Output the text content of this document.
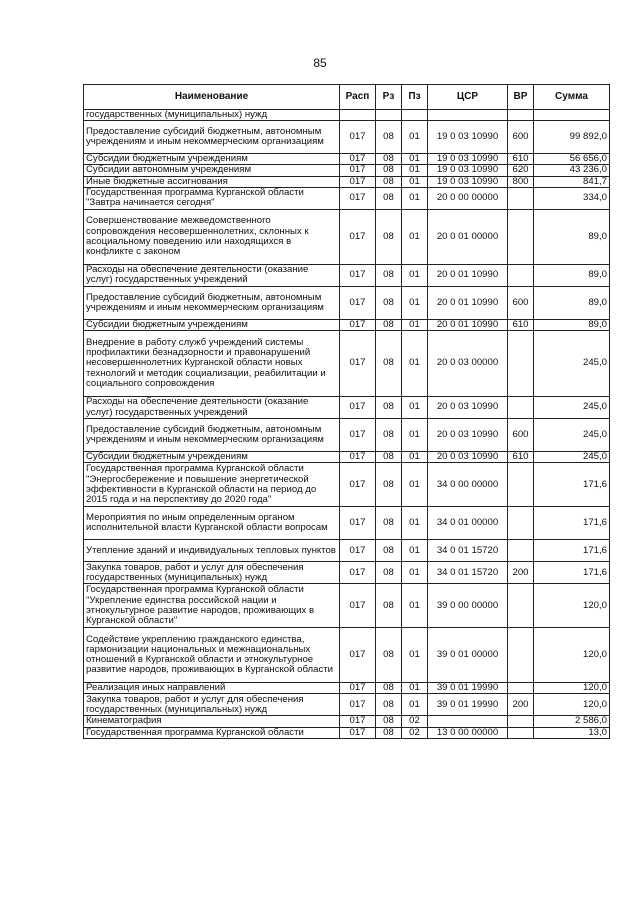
85
Наименование	Расп	Рз	Пз	ЦСР	ВР	Сумма
государственных (муниципальных) нужд						
Предоставление субсидий бюджетным, автономным учреждениям и иным некоммерческим организациям	017	08	01	19 0 03 10990	600	99 892,0
Субсидии бюджетным учреждениям	017	08	01	19 0 03 10990	610	56 656,0
Субсидии автономным учреждениям	017	08	01	19 0 03 10990	620	43 236,0
Иные бюджетные ассигнования	017	08	01	19 0 03 10990	800	841,7
Государственная программа Курганской области "Завтра начинается сегодня"	017	08	01	20 0 00 00000		334,0
Совершенствование межведомственного сопровождения несовершеннолетних, склонных к асоциальному поведению или находящихся в конфликте с законом	017	08	01	20 0 01 00000		89,0
Расходы на обеспечение деятельности (оказание услуг) государственных учреждений	017	08	01	20 0 01 10990		89,0
Предоставление субсидий бюджетным, автономным учреждениям и иным некоммерческим организациям	017	08	01	20 0 01 10990	600	89,0
Субсидии бюджетным учреждениям	017	08	01	20 0 01 10990	610	89,0
Внедрение в работу служб учреждений системы профилактики безнадзорности и правонарушений несовершеннолетних Курганской области новых технологий и методик социализации, реабилитации и социального сопровождения	017	08	01	20 0 03 00000		245,0
Расходы на обеспечение деятельности (оказание услуг) государственных учреждений	017	08	01	20 0 03 10990		245,0
Предоставление субсидий бюджетным, автономным учреждениям и иным некоммерческим организациям	017	08	01	20 0 03 10990	600	245,0
Субсидии бюджетным учреждениям	017	08	01	20 0 03 10990	610	245,0
Государственная программа Курганской области "Энергосбережение и повышение энергетической эффективности в Курганской области на период до 2015 года и на перспективу до 2020 года"	017	08	01	34 0 00 00000		171,6
Мероприятия по иным определенным органом исполнительной власти Курганской области вопросам	017	08	01	34 0 01 00000		171,6
Утепление зданий и индивидуальных тепловых пунктов	017	08	01	34 0 01 15720		171,6
Закупка товаров, работ и услуг для обеспечения государственных (муниципальных) нужд	017	08	01	34 0 01 15720	200	171,6
Государственная программа Курганской области "Укрепление единства российской нации и этнокультурное развитие народов, проживающих в Курганской области"	017	08	01	39 0 00 00000		120,0
Содействие укреплению гражданского единства, гармонизации национальных и межнациональных отношений в Курганской области и этнокультурное развитие народов, проживающих в Курганской области	017	08	01	39 0 01 00000		120,0
Реализация иных направлений	017	08	01	39 0 01 19990		120,0
Закупка товаров, работ и услуг для обеспечения государственных (муниципальных) нужд	017	08	01	39 0 01 19990	200	120,0
Кинематография	017	08	02			2 586,0
Государственная программа Курганской области	017	08	02	13 0 00 00000		13,0
